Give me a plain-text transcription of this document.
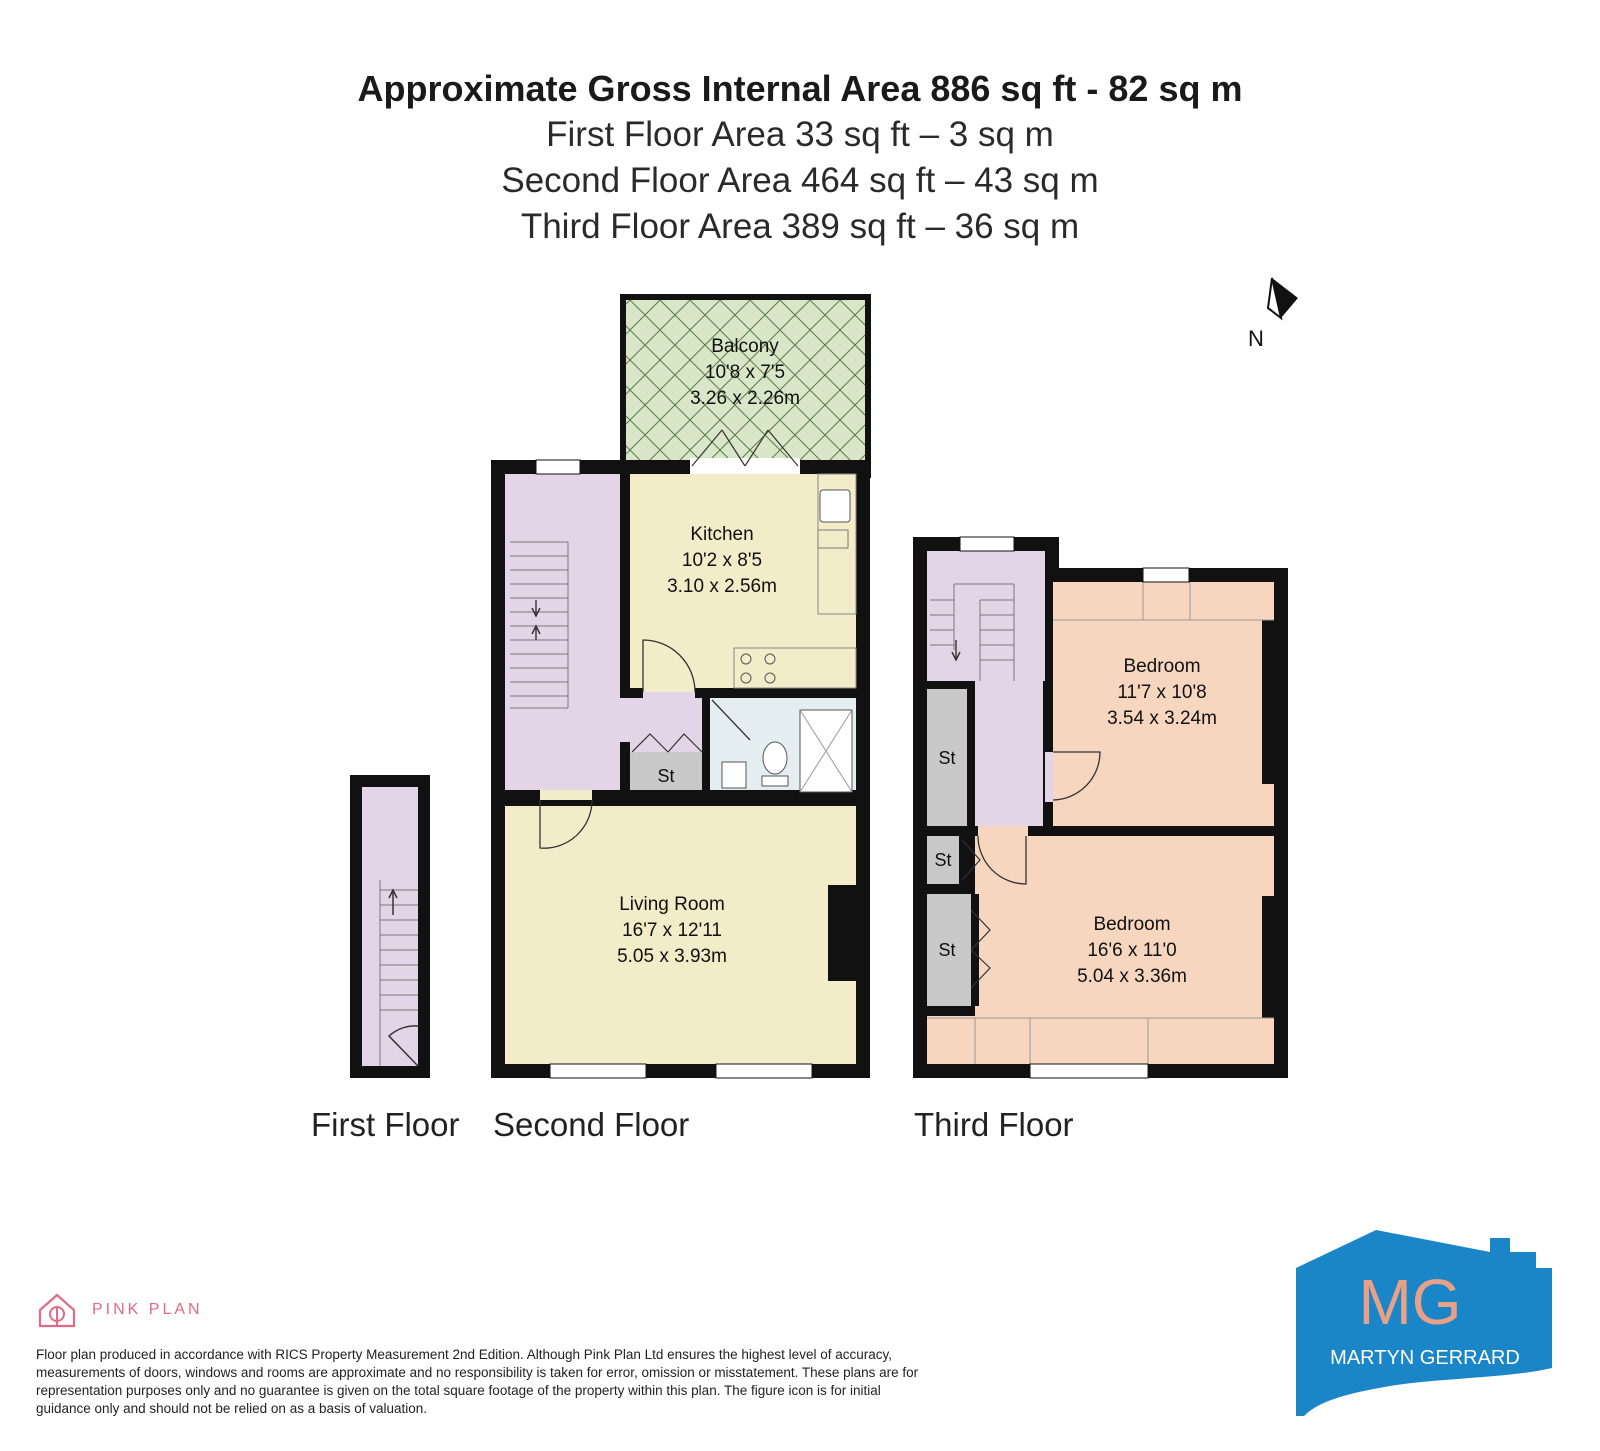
Approximate Gross Internal Area 886 sq ft - 82 sq m
First Floor Area 33 sq ft – 3 sq m
Second Floor Area 464 sq ft – 43 sq m
Third Floor Area 389 sq ft – 36 sq m
N
Balcony
10'8 x 7'5
3.26 x 2.26m
Kitchen
10'2 x 8'5
3.10 x 2.56m
St
Living Room
16'7 x 12'11
5.05 x 3.93m
St
St
St
Bedroom
11'7 x 10'8
3.54 x 3.24m
Bedroom
16'6 x 11'0
5.04 x 3.36m
First Floor Second Floor	Third Floor
PINK PLAN
Floor plan produced in accordance with RICS Property Measurement 2nd Edition. Although Pink Plan Ltd ensures the highest level of accuracy, measurements of doors, windows and rooms are approximate and no responsibility is taken for error, omission or misstatement. These plans are for representation purposes only and no guarantee is given on the total square footage of the property within this plan. The figure icon is for initial guidance only and should not be relied on as a basis of valuation.
MG
MARTYN GERRARD
